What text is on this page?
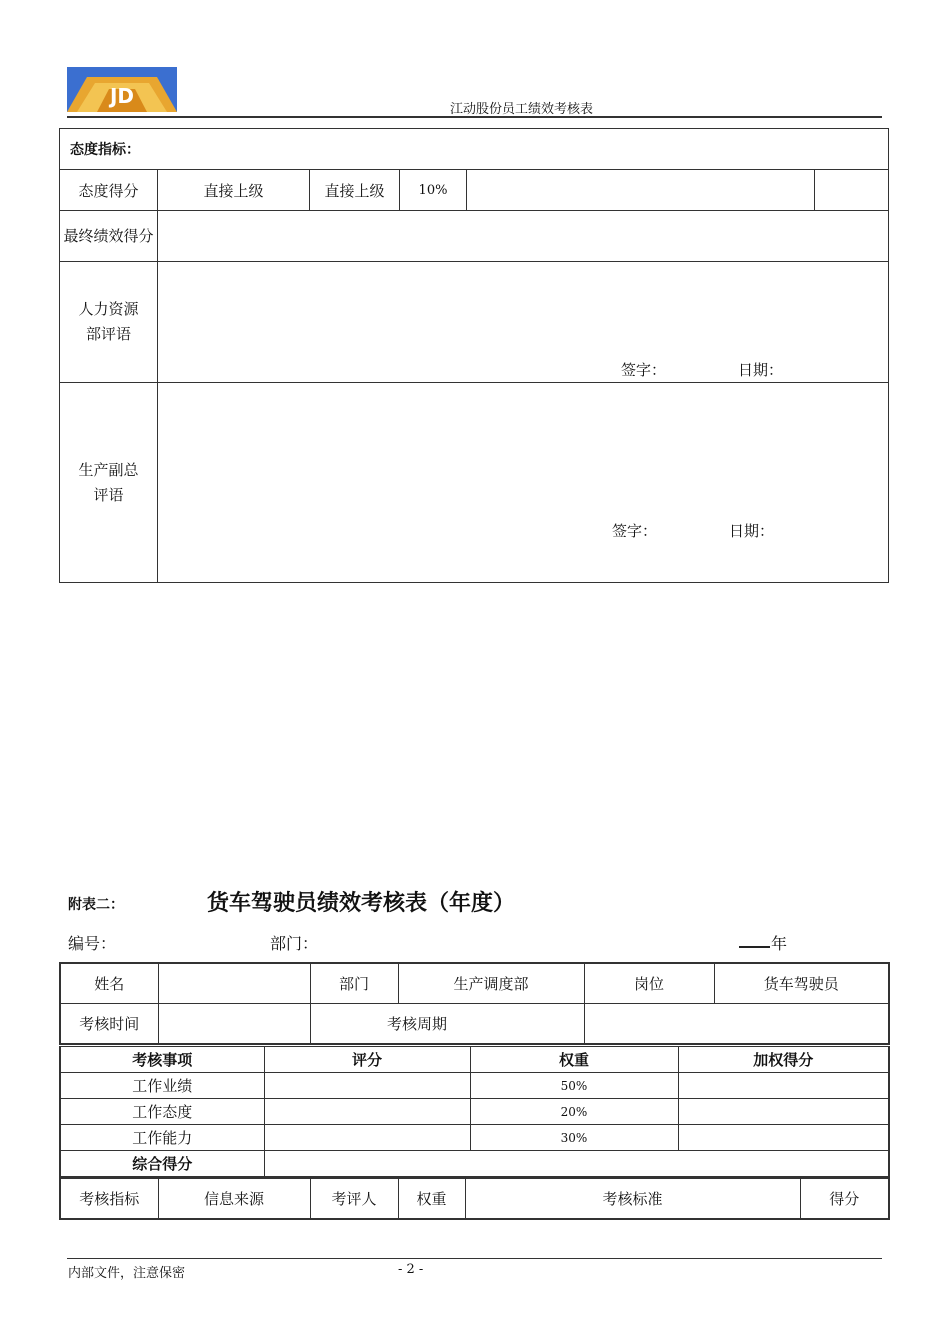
JD
江动股份员工绩效考核表
态度指标：					
态度得分	直接上级	直接上级	10%		
最终绩效得分					
人力资源部评语	签字： 日期：				

生产副总评语	签字： 日期：				
附表二：	货车驾驶员绩效考核表（年度）
编号：	部门：	年
姓名		部门	生产调度部	岗位	货车驾驶员
考核时间		考核周期			
考核事项	评分	权重	加权得分
工作业绩		50%	
工作态度		20%	
工作能力		30%	
综合得分			
考核指标	信息来源	考评人	权重	考核标准	得分
内部文件，注意保密	- 2 -
